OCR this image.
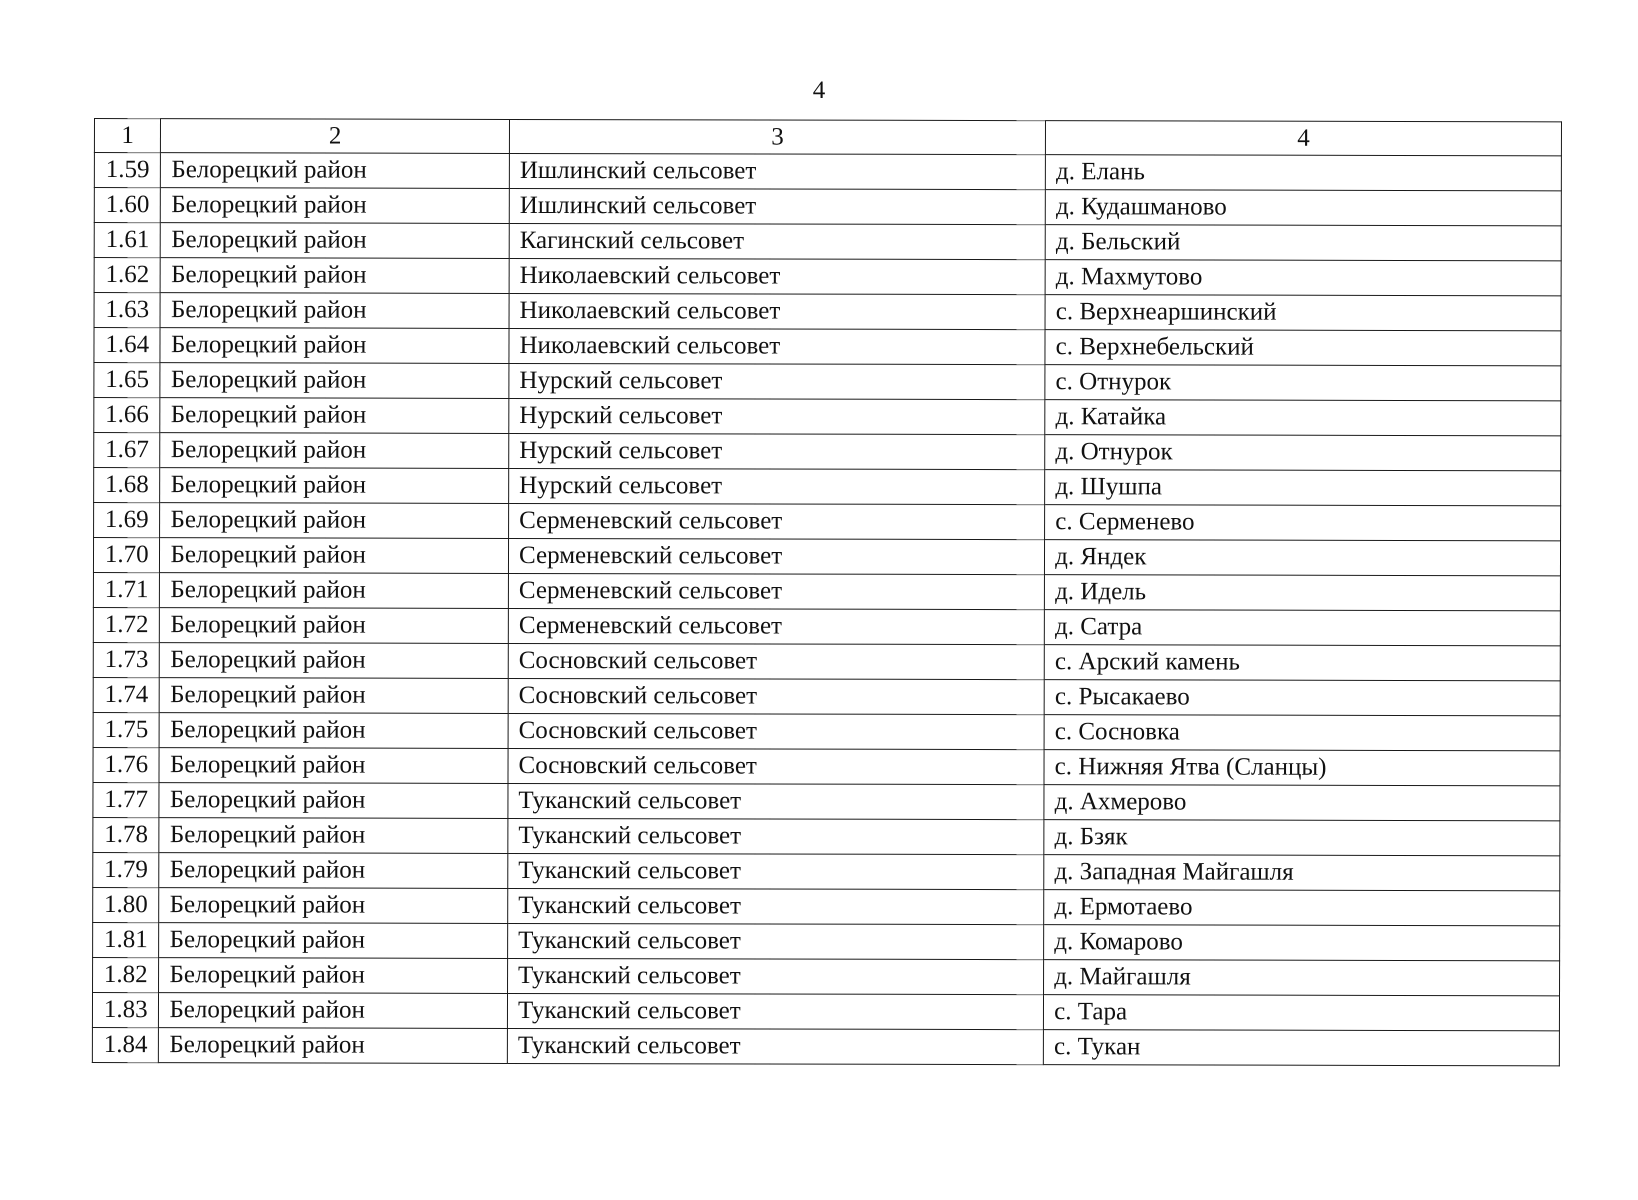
4
1	2	3	4
1.59	Белорецкий район	Ишлинский сельсовет	д. Елань
1.60	Белорецкий район	Ишлинский сельсовет	д. Кудашманово
1.61	Белорецкий район	Кагинский сельсовет	д. Бельский
1.62	Белорецкий район	Николаевский сельсовет	д. Махмутово
1.63	Белорецкий район	Николаевский сельсовет	с. Верхнеаршинский
1.64	Белорецкий район	Николаевский сельсовет	с. Верхнебельский
1.65	Белорецкий район	Нурский сельсовет	с. Отнурок
1.66	Белорецкий район	Нурский сельсовет	д. Катайка
1.67	Белорецкий район	Нурский сельсовет	д. Отнурок
1.68	Белорецкий район	Нурский сельсовет	д. Шушпа
1.69	Белорецкий район	Серменевский сельсовет	с. Серменево
1.70	Белорецкий район	Серменевский сельсовет	д. Яндек
1.71	Белорецкий район	Серменевский сельсовет	д. Идель
1.72	Белорецкий район	Серменевский сельсовет	д. Сатра
1.73	Белорецкий район	Сосновский сельсовет	с. Арский камень
1.74	Белорецкий район	Сосновский сельсовет	с. Рысакаево
1.75	Белорецкий район	Сосновский сельсовет	с. Сосновка
1.76	Белорецкий район	Сосновский сельсовет	с. Нижняя Ятва (Сланцы)
1.77	Белорецкий район	Туканский сельсовет	д. Ахмерово
1.78	Белорецкий район	Туканский сельсовет	д. Бзяк
1.79	Белорецкий район	Туканский сельсовет	д. Западная Майгашля
1.80	Белорецкий район	Туканский сельсовет	д. Ермотаево
1.81	Белорецкий район	Туканский сельсовет	д. Комарово
1.82	Белорецкий район	Туканский сельсовет	д. Майгашля
1.83	Белорецкий район	Туканский сельсовет	с. Тара
1.84	Белорецкий район	Туканский сельсовет	с. Тукан
